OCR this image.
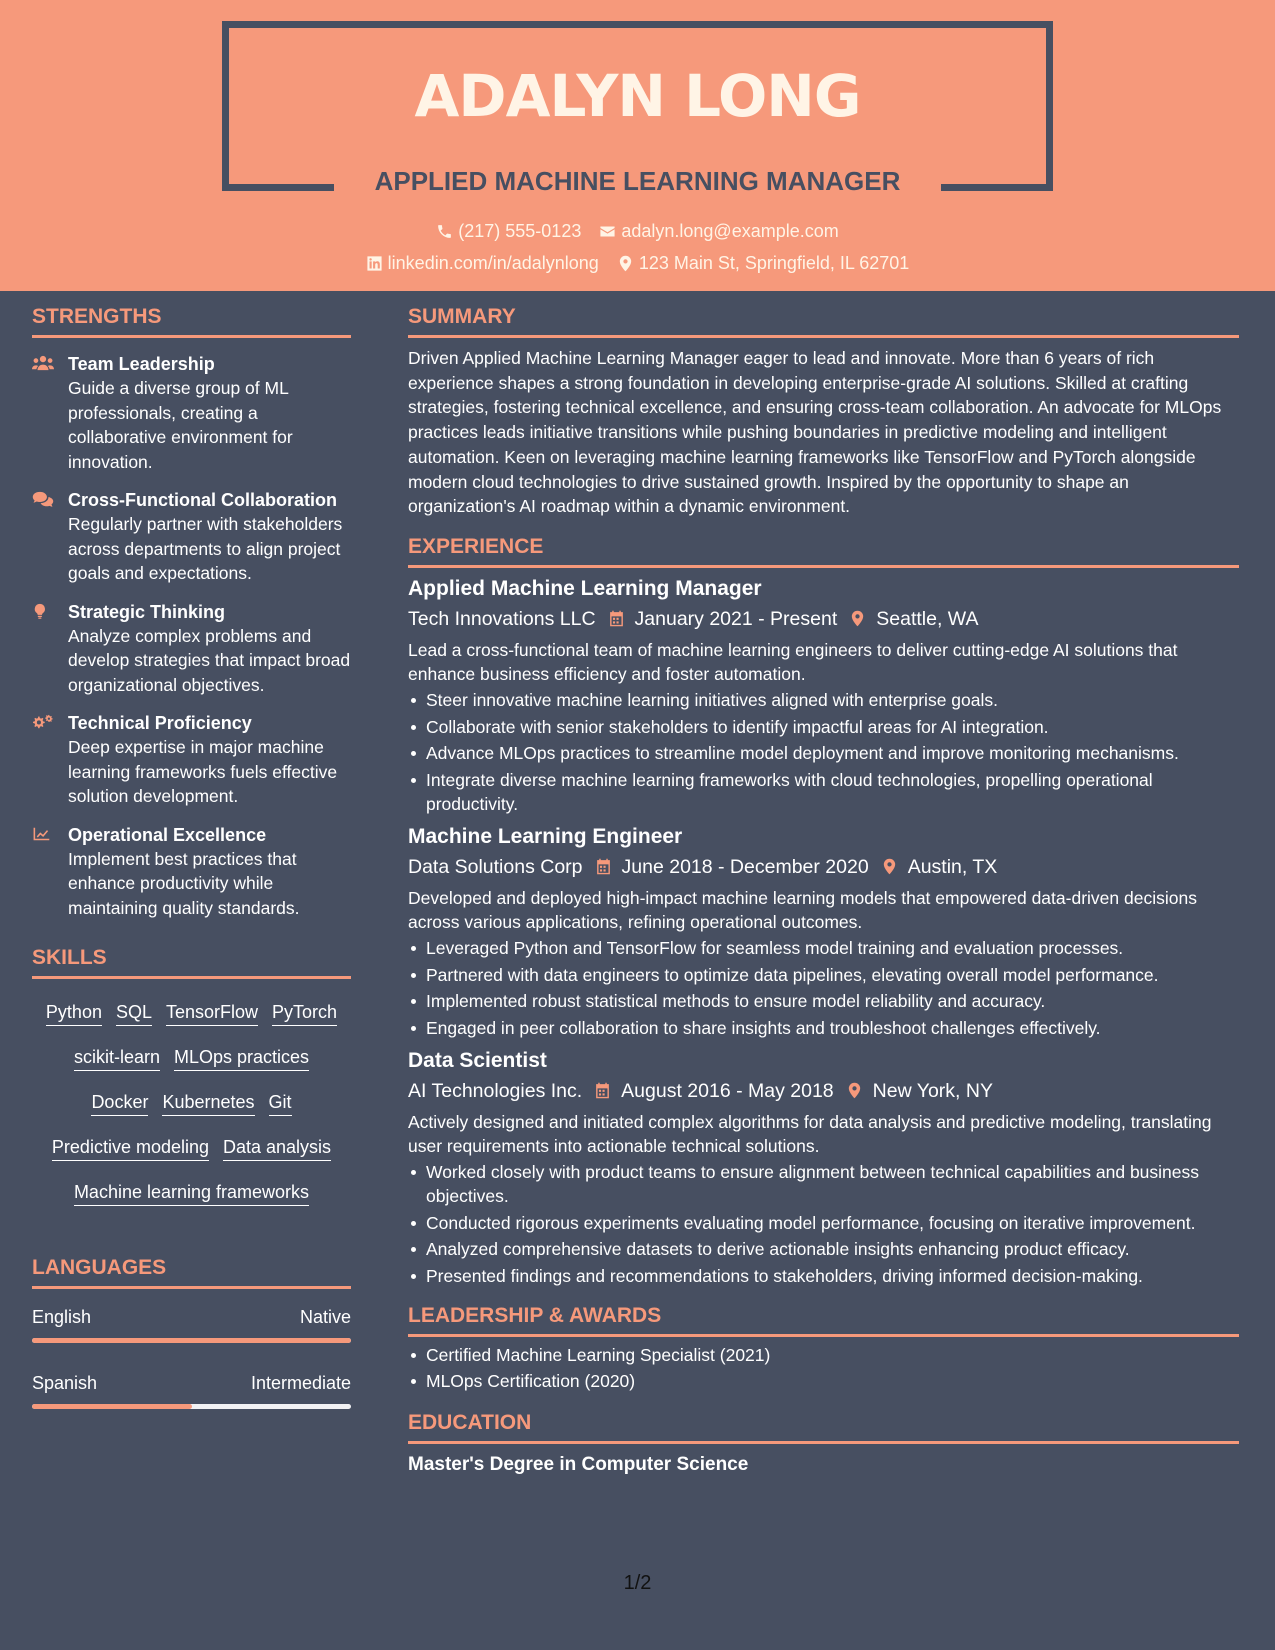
ADALYN LONG
APPLIED MACHINE LEARNING MANAGER
(217) 555-0123 adalyn.long@example.com
linkedin.com/in/adalynlong 123 Main St, Springfield, IL 62701
STRENGTHS
Team Leadership
Guide a diverse group of ML professionals, creating a collaborative environment for innovation.
Cross-Functional Collaboration
Regularly partner with stakeholders across departments to align project goals and expectations.
Strategic Thinking
Analyze complex problems and develop strategies that impact broad organizational objectives.
Technical Proficiency
Deep expertise in major machine learning frameworks fuels effective solution development.
Operational Excellence
Implement best practices that enhance productivity while maintaining quality standards.
SKILLS
Python SQL TensorFlow PyTorch
scikit-learn MLOps practices
Docker Kubernetes Git
Predictive modeling Data analysis
Machine learning frameworks
LANGUAGES
English	Native
Spanish	Intermediate
SUMMARY
Driven Applied Machine Learning Manager eager to lead and innovate. More than 6 years of rich experience shapes a strong foundation in developing enterprise-grade AI solutions. Skilled at crafting strategies, fostering technical excellence, and ensuring cross-team collaboration. An advocate for MLOps practices leads initiative transitions while pushing boundaries in predictive modeling and intelligent automation. Keen on leveraging machine learning frameworks like TensorFlow and PyTorch alongside modern cloud technologies to drive sustained growth. Inspired by the opportunity to shape an organization's AI roadmap within a dynamic environment.
EXPERIENCE
Applied Machine Learning Manager
Tech Innovations LLC January 2021 - Present Seattle, WA
Lead a cross-functional team of machine learning engineers to deliver cutting-edge AI solutions that enhance business efficiency and foster automation.
Steer innovative machine learning initiatives aligned with enterprise goals.
Collaborate with senior stakeholders to identify impactful areas for AI integration.
Advance MLOps practices to streamline model deployment and improve monitoring mechanisms.
Integrate diverse machine learning frameworks with cloud technologies, propelling operational productivity.
Machine Learning Engineer
Data Solutions Corp June 2018 - December 2020 Austin, TX
Developed and deployed high-impact machine learning models that empowered data-driven decisions across various applications, refining operational outcomes.
Leveraged Python and TensorFlow for seamless model training and evaluation processes.
Partnered with data engineers to optimize data pipelines, elevating overall model performance.
Implemented robust statistical methods to ensure model reliability and accuracy.
Engaged in peer collaboration to share insights and troubleshoot challenges effectively.
Data Scientist
AI Technologies Inc. August 2016 - May 2018 New York, NY
Actively designed and initiated complex algorithms for data analysis and predictive modeling, translating user requirements into actionable technical solutions.
Worked closely with product teams to ensure alignment between technical capabilities and business objectives.
Conducted rigorous experiments evaluating model performance, focusing on iterative improvement.
Analyzed comprehensive datasets to derive actionable insights enhancing product efficacy.
Presented findings and recommendations to stakeholders, driving informed decision-making.
LEADERSHIP & AWARDS
Certified Machine Learning Specialist (2021)
MLOps Certification (2020)
EDUCATION
Master's Degree in Computer Science
1/2
